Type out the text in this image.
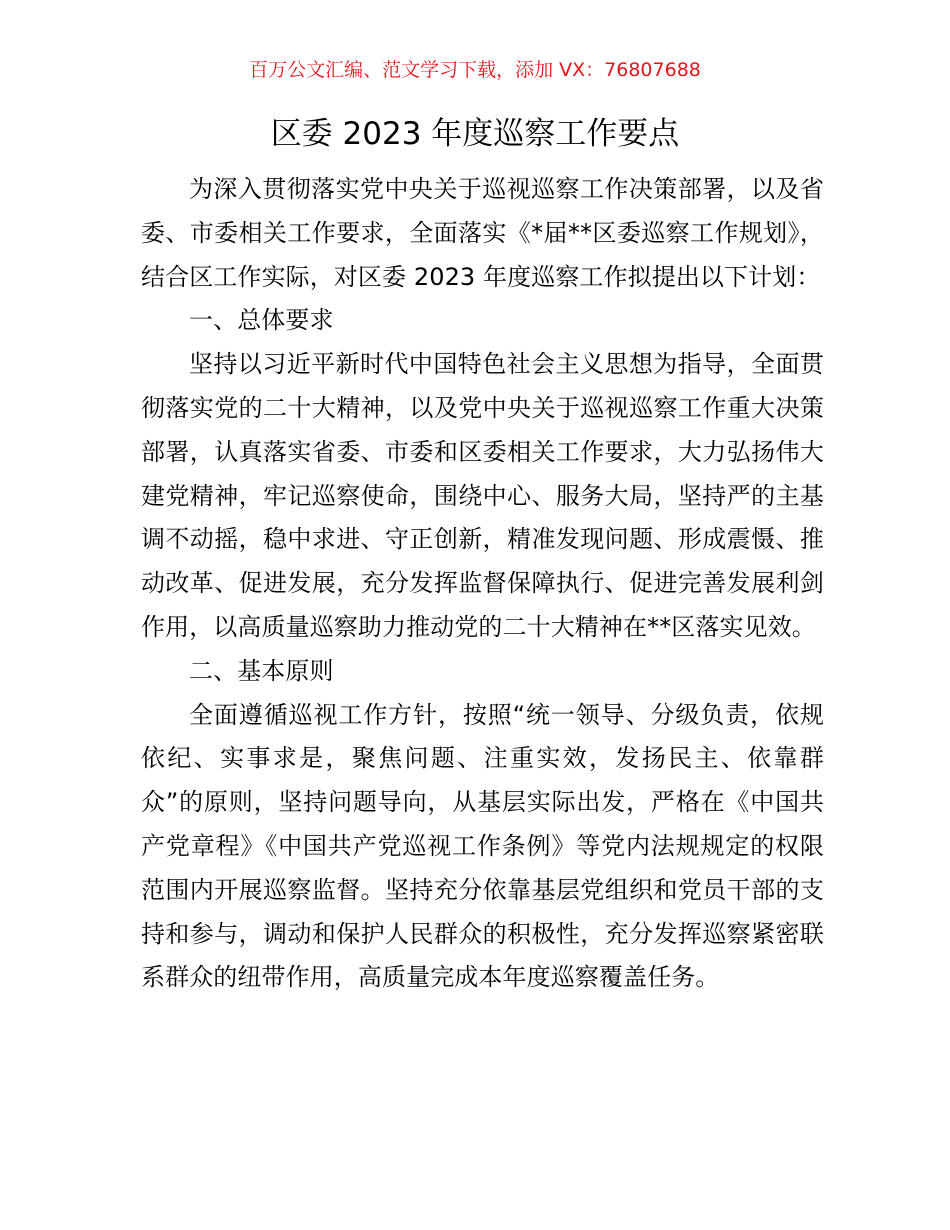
百万公文汇编、范文学习下载，添加 VX：76807688
区委 2023 年度巡察工作要点

为深入贯彻落实党中央关于巡视巡察工作决策部署，以及省委、市委相关工作要求，全面落实《*届**区委巡察工作规划》，结合区工作实际，对区委 2023 年度巡察工作拟提出以下计划：

一、总体要求

坚持以习近平新时代中国特色社会主义思想为指导，全面贯彻落实党的二十大精神，以及党中央关于巡视巡察工作重大决策部署，认真落实省委、市委和区委相关工作要求，大力弘扬伟大建党精神，牢记巡察使命，围绕中心、服务大局，坚持严的主基调不动摇，稳中求进、守正创新，精准发现问题、形成震慑、推动改革、促进发展，充分发挥监督保障执行、促进完善发展利剑作用，以高质量巡察助力推动党的二十大精神在**区落实见效。

二、基本原则

全面遵循巡视工作方针，按照“统一领导、分级负责，依规依纪、实事求是，聚焦问题、注重实效，发扬民主、依靠群众”的原则，坚持问题导向，从基层实际出发，严格在《中国共产党章程》《中国共产党巡视工作条例》等党内法规规定的权限范围内开展巡察监督。坚持充分依靠基层党组织和党员干部的支持和参与，调动和保护人民群众的积极性，充分发挥巡察紧密联系群众的纽带作用，高质量完成本年度巡察覆盖任务。
